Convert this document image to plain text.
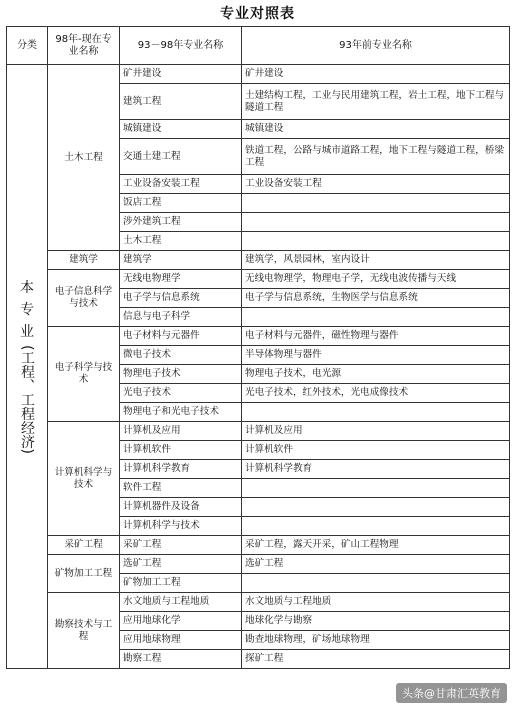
专业对照表
分类	98年-现在专业名称	93－98年专业名称	93年前专业名称

本
专
业
(工程、工程经济)	土木工程	矿井建设	矿井建设
		建筑工程	土建结构工程，工业与民用建筑工程，岩土工程，地下工程与隧道工程
		城镇建设	城镇建设
		交通土建工程	铁道工程，公路与城市道路工程，地下工程与隧道工程，桥梁工程
		工业设备安装工程	工业设备安装工程
		饭店工程	
		涉外建筑工程	
		土木工程	
	建筑学	建筑学	建筑学，风景园林，室内设计
	电子信息科学与技术	无线电物理学	无线电物理学，物理电子学，无线电波传播与天线
		电子学与信息系统	电子学与信息系统，生物医学与信息系统
		信息与电子科学	
	电子科学与技术	电子材料与元器件	电子材料与元器件，磁性物理与器件
		微电子技术	半导体物理与器件
		物理电子技术	物理电子技术，电光源
		光电子技术	光电子技术，红外技术，光电成像技术
		物理电子和光电子技术	
	计算机科学与技术	计算机及应用	计算机及应用
		计算机软件	计算机软件
		计算机科学教育	计算机科学教育
		软件工程	
		计算机器件及设备	
		计算机科学与技术	
	采矿工程	采矿工程	采矿工程，露天开采，矿山工程物理
	矿物加工工程	选矿工程	选矿工程
		矿物加工工程	
	勘察技术与工程	水文地质与工程地质	水文地质与工程地质
		应用地球化学	地球化学与勘察
		应用地球物理	勘查地球物理，矿场地球物理
		勘察工程	探矿工程
头条@甘肃汇英教育
